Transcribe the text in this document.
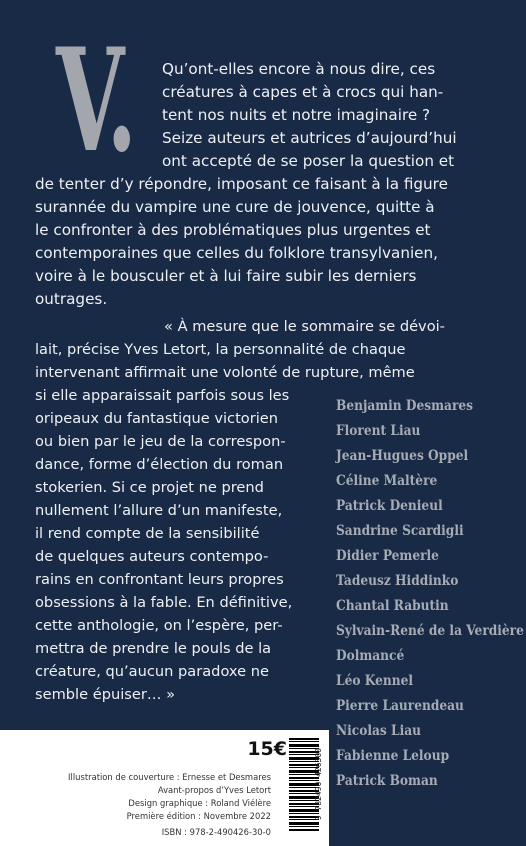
V. Qu’ont-elles encore à nous dire, ces
créatures à capes et à crocs qui han-
tent nos nuits et notre imaginaire ?
Seize auteurs et autrices d’aujourd’hui
ont accepté de se poser la question et
de tenter d’y répondre, imposant ce faisant à la figure
surannée du vampire une cure de jouvence, quitte à
le confronter à des problématiques plus urgentes et
contemporaines que celles du folklore transylvanien,
voire à le bousculer et à lui faire subir les derniers
outrages.
« À mesure que le sommaire se dévoi-
lait, précise Yves Letort, la personnalité de chaque
intervenant affirmait une volonté de rupture, même
si elle apparaissait parfois sous les
oripeaux du fantastique victorien
ou bien par le jeu de la correspon-
dance, forme d’élection du roman
stokerien. Si ce projet ne prend
nullement l’allure d’un manifeste,
il rend compte de la sensibilité
de quelques auteurs contempo-
rains en confrontant leurs propres
obsessions à la fable. En définitive,
cette anthologie, on l’espère, per-
mettra de prendre le pouls de la
créature, qu’aucun paradoxe ne
semble épuiser… »
Benjamin Desmares
Florent Liau
Jean-Hugues Oppel
Céline Maltère
Patrick Denieul
Sandrine Scardigli
Didier Pemerle
Tadeusz Hiddinko
Chantal Rabutin
Sylvain-René de la Verdière
Dolmancé
Léo Kennel
Pierre Laurendeau
Nicolas Liau
Fabienne Leloup
Patrick Boman
15€
Illustration de couverture : Ernesse et Desmares
Avant-propos d’Yves Letort
Design graphique : Roland Viélère
Première édition : Novembre 2022
ISBN : 978-2-490426-30-0
9 782490 426300
